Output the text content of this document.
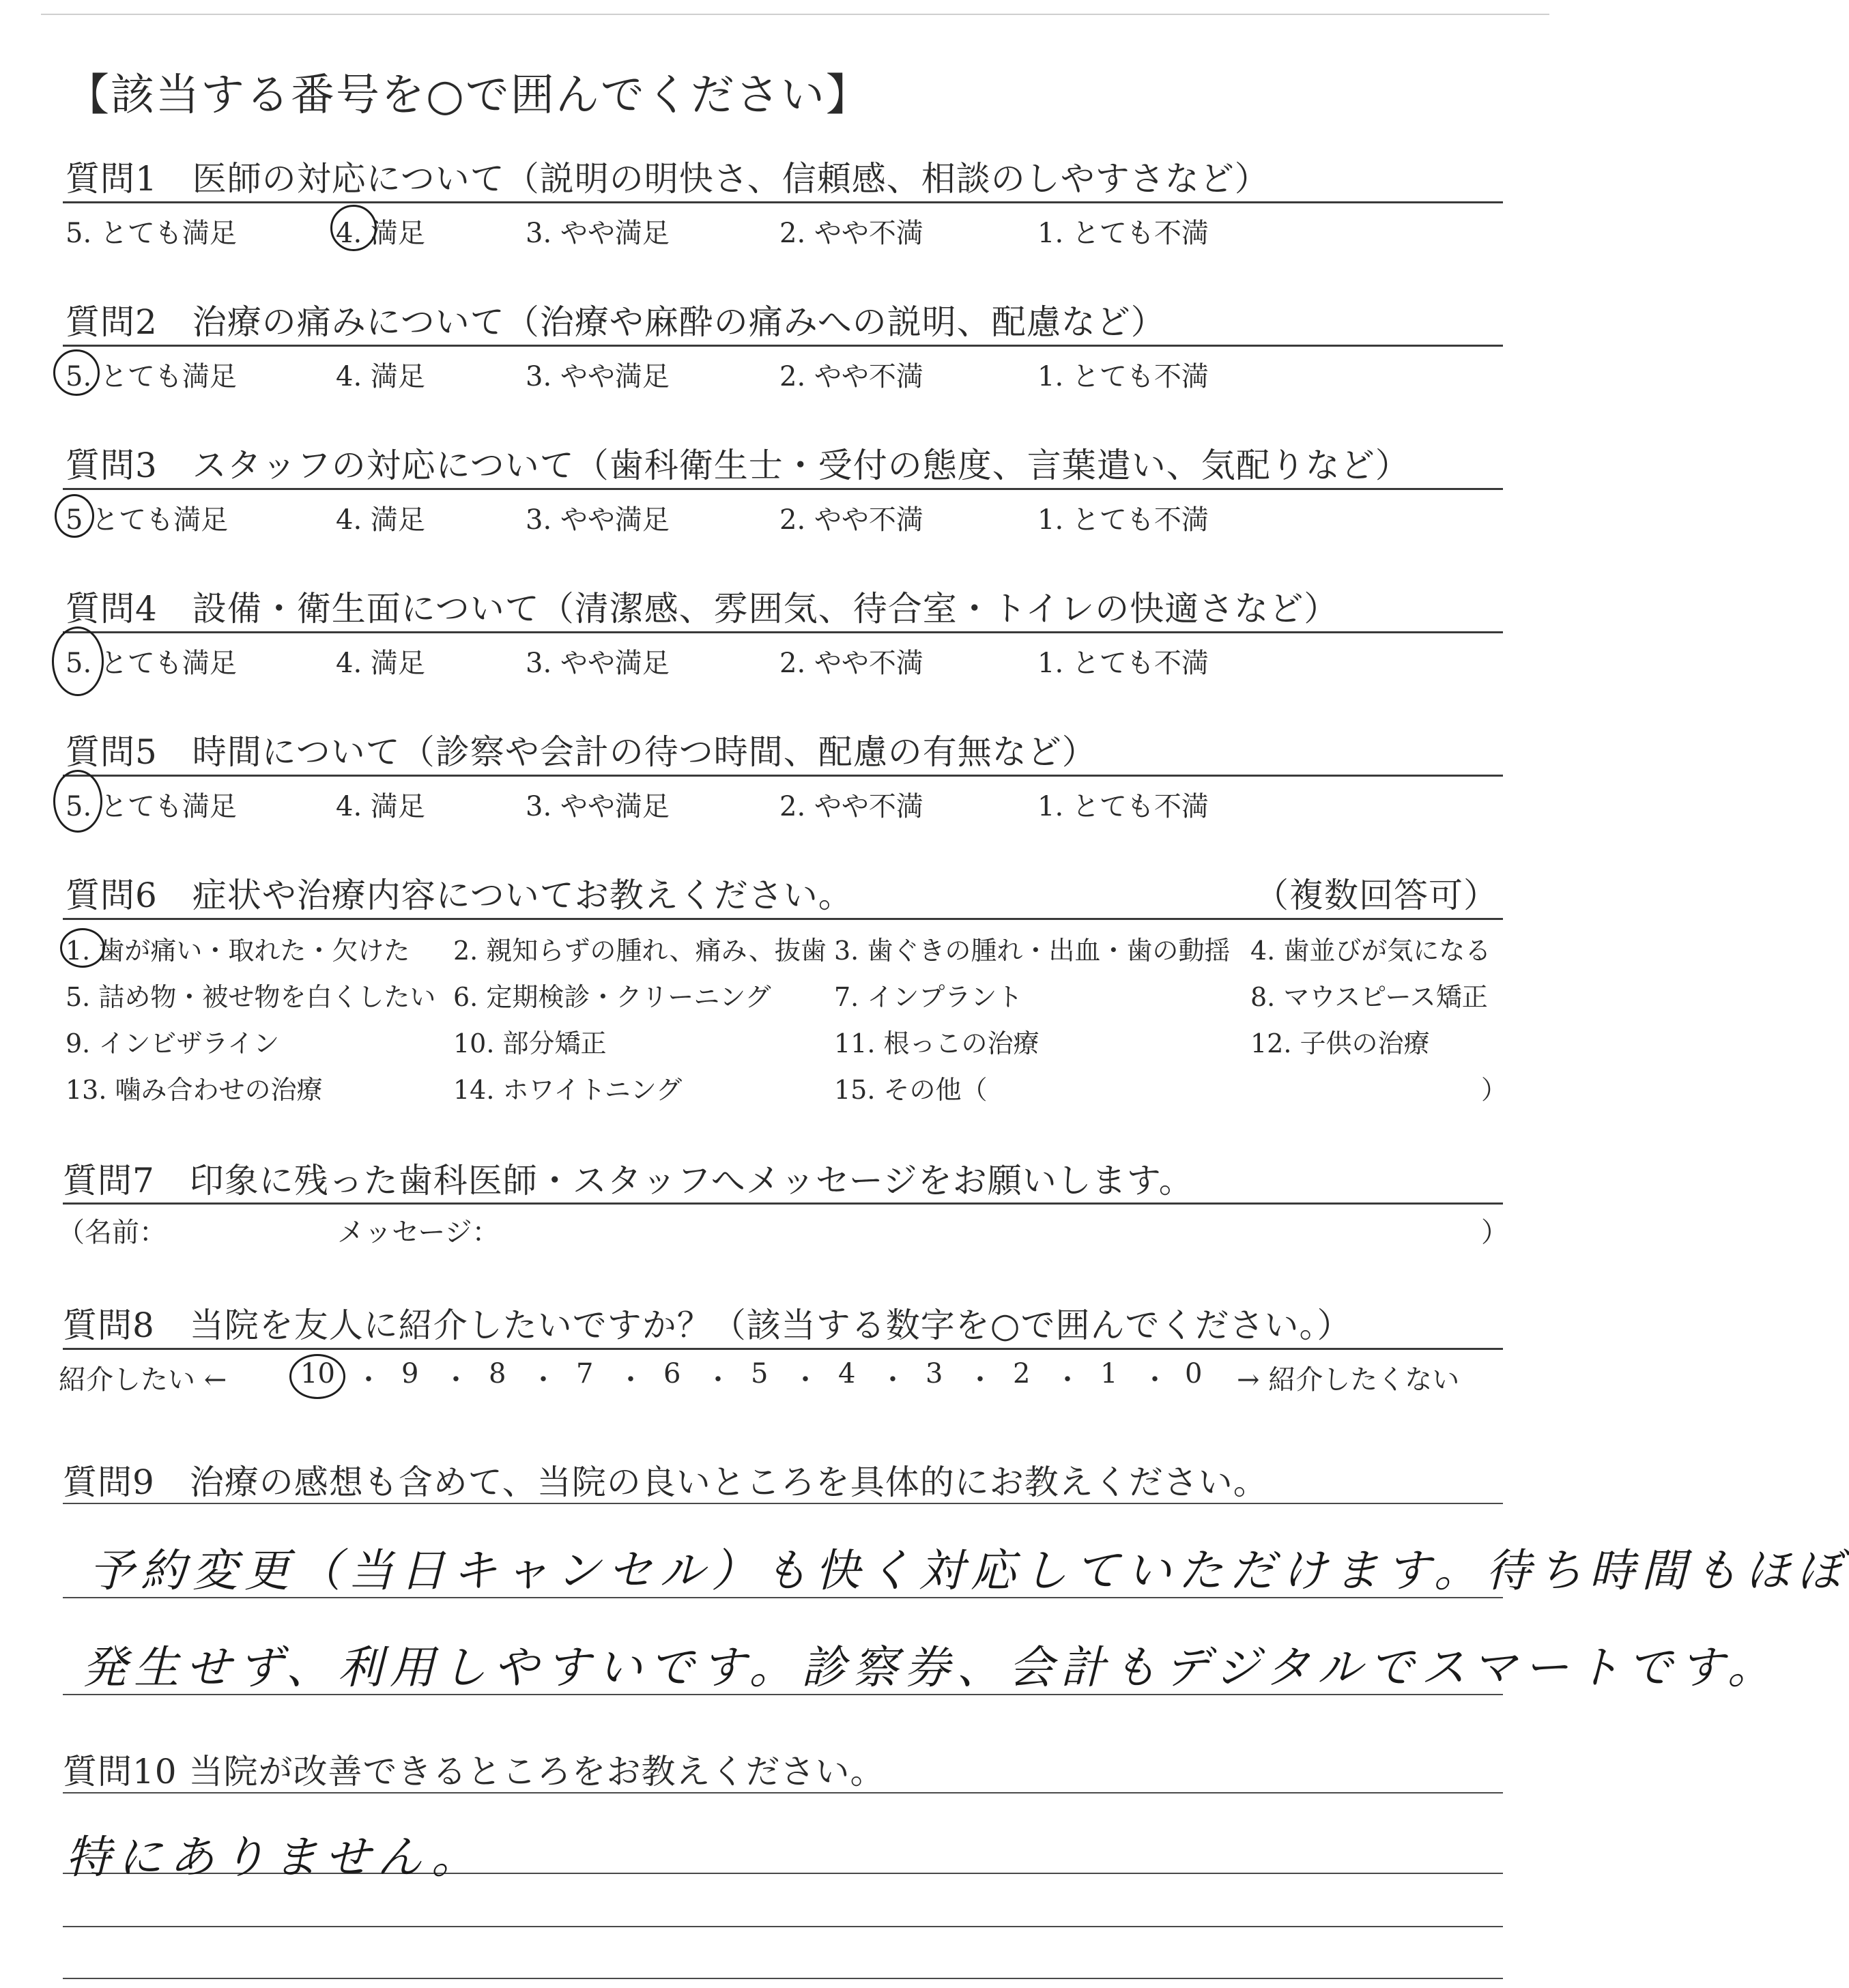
【該当する番号を○で囲んでください】
質問1　医師の対応について（説明の明快さ、信頼感、相談のしやすさなど）
5. とても満足	4. 満足	3. やや満足	2. やや不満	1. とても不満
質問2　治療の痛みについて（治療や麻酔の痛みへの説明、配慮など）
5. とても満足	4. 満足	3. やや満足	2. やや不満	1. とても不満
質問3　スタッフの対応について（歯科衛生士・受付の態度、言葉遣い、気配りなど）
5 とても満足	4. 満足	3. やや満足	2. やや不満	1. とても不満
質問4　設備・衛生面について（清潔感、雰囲気、待合室・トイレの快適さなど）
5. とても満足	4. 満足	3. やや満足	2. やや不満	1. とても不満
質問5　時間について（診察や会計の待つ時間、配慮の有無など）
5. とても満足	4. 満足	3. やや満足	2. やや不満	1. とても不満
質問6　症状や治療内容についてお教えください。	（複数回答可）
1. 歯が痛い・取れた・欠けた 2. 親知らずの腫れ、痛み、抜歯 3. 歯ぐきの腫れ・出血・歯の動揺 4. 歯並びが気になる
5. 詰め物・被せ物を白くしたい 6. 定期検診・クリーニング 7. インプラント	8. マウスピース矯正
9. インビザライン	10. 部分矯正	11. 根っこの治療	12. 子供の治療
13. 噛み合わせの治療	14. ホワイトニング	15. その他（	）
質問7　印象に残った歯科医師・スタッフへメッセージをお願いします。
（名前：	メッセージ：	）
質問8　当院を友人に紹介したいですか？（該当する数字を○で囲んでください。）
紹介したい ←	→ 紹介したくない
10 ・ 9 ・ 8 ・ 7 ・ 6 ・ 5 ・ 4 ・ 3 ・ 2 ・ 1 ・ 0
質問9　治療の感想も含めて、当院の良いところを具体的にお教えください。
予約変更（当日キャンセル）も快く対応していただけます。待ち時間もほぼ
発生せず、利用しやすいです。診察券、会計もデジタルでスマートです。
質問10 当院が改善できるところをお教えください。
特にありません。
